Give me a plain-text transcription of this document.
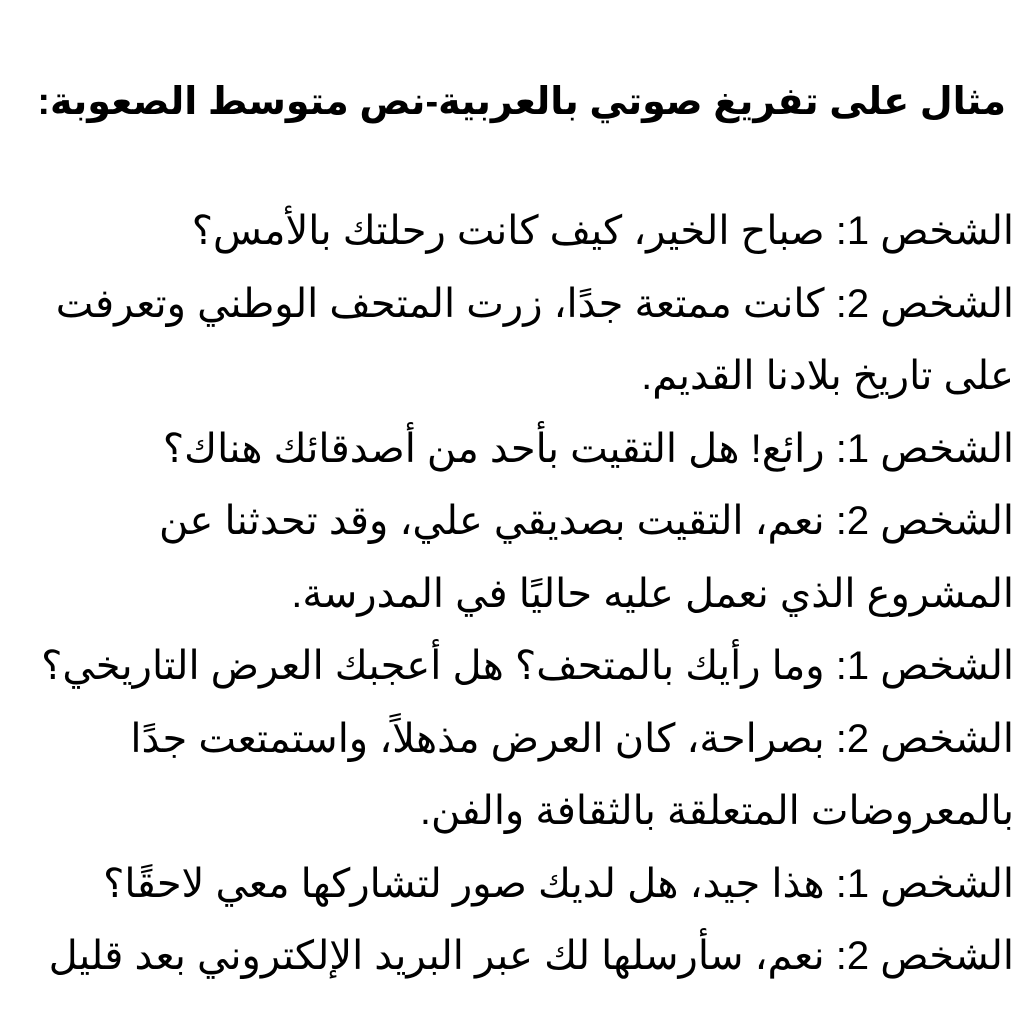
مثال على تفريغ صوتي بالعربية-نص متوسط الصعوبة:
الشخص 1: صباح الخير، كيف كانت رحلتك بالأمس؟
الشخص 2: كانت ممتعة جدًا، زرت المتحف الوطني وتعرفت
على تاريخ بلادنا القديم.
الشخص 1: رائع! هل التقيت بأحد من أصدقائك هناك؟
الشخص 2: نعم، التقيت بصديقي علي، وقد تحدثنا عن
المشروع الذي نعمل عليه حاليًا في المدرسة.
الشخص 1: وما رأيك بالمتحف؟ هل أعجبك العرض التاريخي؟
الشخص 2: بصراحة، كان العرض مذهلاً، واستمتعت جدًا
بالمعروضات المتعلقة بالثقافة والفن.
الشخص 1: هذا جيد، هل لديك صور لتشاركها معي لاحقًا؟
الشخص 2: نعم، سأرسلها لك عبر البريد الإلكتروني بعد قليل
